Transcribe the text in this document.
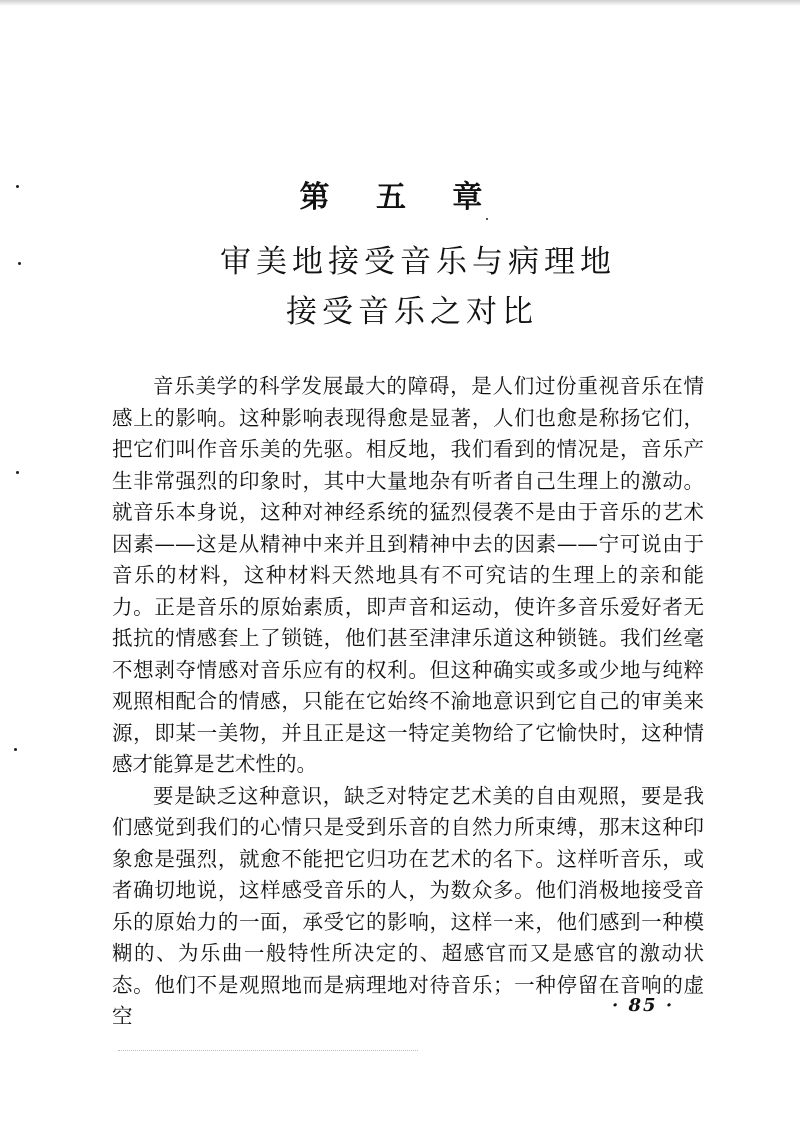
第 五 章
审美地接受音乐与病理地
接受音乐之对比

音乐美学的科学发展最大的障碍，是人们过份重视音乐在情感上的影响。这种影响表现得愈是显著，人们也愈是称扬它们，把它们叫作音乐美的先驱。相反地，我们看到的情况是，音乐产生非常强烈的印象时，其中大量地杂有听者自己生理上的激动。就音乐本身说，这种对神经系统的猛烈侵袭不是由于音乐的艺术因素——这是从精神中来并且到精神中去的因素——宁可说由于音乐的材料，这种材料天然地具有不可究诘的生理上的亲和能力。正是音乐的原始素质，即声音和运动，使许多音乐爱好者无抵抗的情感套上了锁链，他们甚至津津乐道这种锁链。我们丝毫不想剥夺情感对音乐应有的权利。但这种确实或多或少地与纯粹观照相配合的情感，只能在它始终不渝地意识到它自己的审美来源，即某一美物，并且正是这一特定美物给了它愉快时，这种情感才能算是艺术性的。

要是缺乏这种意识，缺乏对特定艺术美的自由观照，要是我们感觉到我们的心情只是受到乐音的自然力所束缚，那末这种印象愈是强烈，就愈不能把它归功在艺术的名下。这样听音乐，或者确切地说，这样感受音乐的人，为数众多。他们消极地接受音乐的原始力的一面，承受它的影响，这样一来，他们感到一种模糊的、为乐曲一般特性所决定的、超感官而又是感官的激动状态。他们不是观照地而是病理地对待音乐；一种停留在音响的虚空	· 85 ·
